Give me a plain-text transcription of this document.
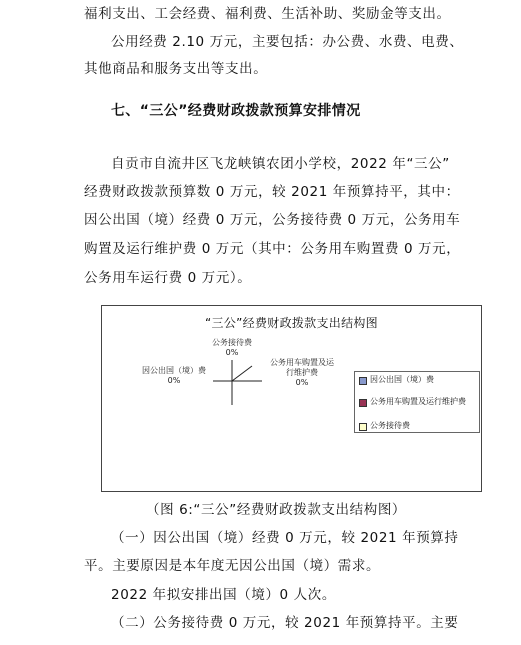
福利支出、工会经费、福利费、生活补助、奖励金等支出。
公用经费 2.10 万元，主要包括：办公费、水费、电费、
其他商品和服务支出等支出。
七、“三公”经费财政拨款预算安排情况
自贡市自流井区飞龙峡镇农团小学校，2022 年“三公”
经费财政拨款预算数 0 万元，较 2021 年预算持平，其中：
因公出国（境）经费 0 万元，公务接待费 0 万元，公务用车
购置及运行维护费 0 万元（其中：公务用车购置费 0 万元，
公务用车运行费 0 万元）。
“三公”经费财政拨款支出结构图
公务接待费
0%
因公出国（境）费
0%
公务用车购置及运
行维护费
0%	因公出国（境）费
公务用车购置及运行维护费
公务接待费
（图 6:“三公”经费财政拨款支出结构图）
（一）因公出国（境）经费 0 万元，较 2021 年预算持
平。主要原因是本年度无因公出国（境）需求。
2022 年拟安排出国（境）0 人次。
（二）公务接待费 0 万元，较 2021 年预算持平。主要
